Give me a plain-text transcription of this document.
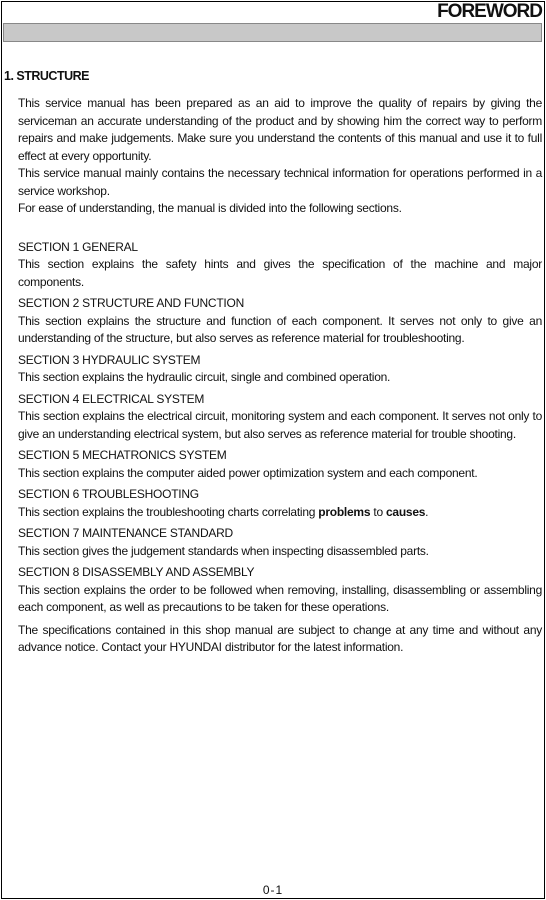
FOREWORD
1. STRUCTURE

This service manual has been prepared as an aid to improve the quality of repairs by giving the serviceman an accurate understanding of the product and by showing him the correct way to perform repairs and make judgements. Make sure you understand the contents of this manual and use it to full effect at every opportunity.

This service manual mainly contains the necessary technical information for operations performed in a service workshop.

For ease of understanding, the manual is divided into the following sections.

SECTION 1 GENERAL

This section explains the safety hints and gives the specification of the machine and major components.

SECTION 2 STRUCTURE AND FUNCTION

This section explains the structure and function of each component. It serves not only to give an understanding of the structure, but also serves as reference material for troubleshooting.

SECTION 3 HYDRAULIC SYSTEM

This section explains the hydraulic circuit, single and combined operation.

SECTION 4 ELECTRICAL SYSTEM

This section explains the electrical circuit, monitoring system and each component. It serves not only to give an understanding electrical system, but also serves as reference material for trouble shooting.

SECTION 5 MECHATRONICS SYSTEM

This section explains the computer aided power optimization system and each component.

SECTION 6 TROUBLESHOOTING

This section explains the troubleshooting charts correlating problems to causes.

SECTION 7 MAINTENANCE STANDARD

This section gives the judgement standards when inspecting disassembled parts.

SECTION 8 DISASSEMBLY AND ASSEMBLY

This section explains the order to be followed when removing, installing, disassembling or assembling each component, as well as precautions to be taken for these operations.

The specifications contained in this shop manual are subject to change at any time and without any advance notice. Contact your HYUNDAI distributor for the latest information.

0-1
